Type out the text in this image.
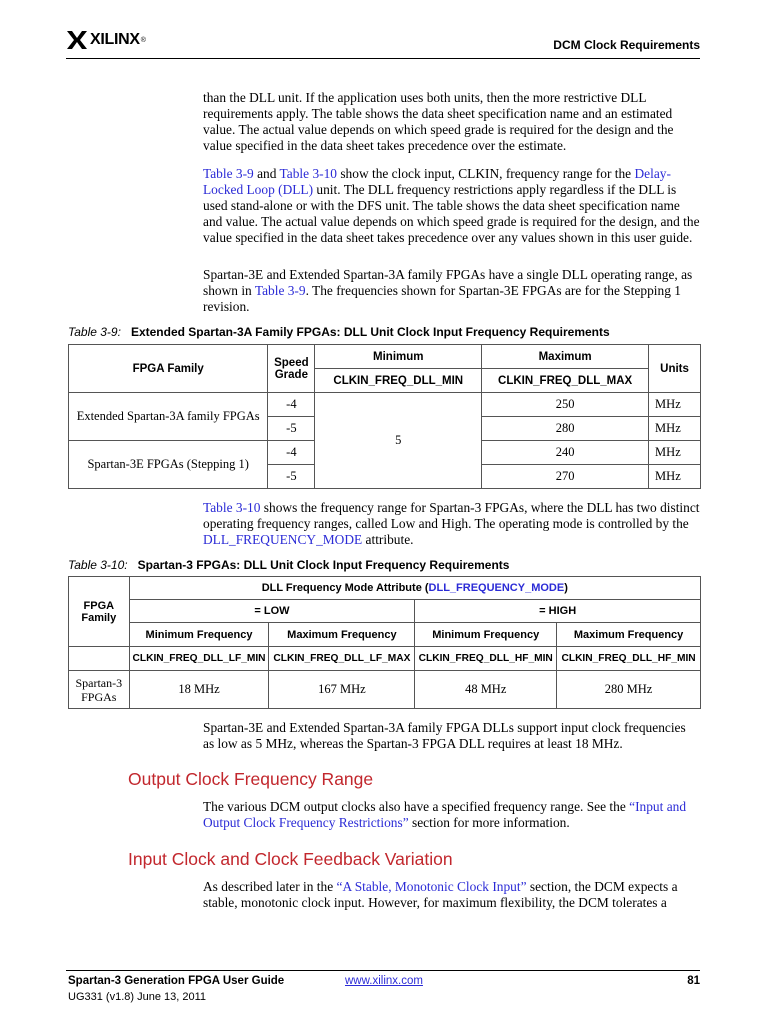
XILINX ®	DCM Clock Requirements

than the DLL unit. If the application uses both units, then the more restrictive DLL requirements apply. The table shows the data sheet specification name and an estimated value. The actual value depends on which speed grade is required for the design and the value specified in the data sheet takes precedence over the estimate.

Table 3-9 and Table 3-10 show the clock input, CLKIN, frequency range for the Delay-Locked Loop (DLL) unit. The DLL frequency restrictions apply regardless if the DLL is used stand-alone or with the DFS unit. The table shows the data sheet specification name and value. The actual value depends on which speed grade is required for the design, and the value specified in the data sheet takes precedence over any values shown in this user guide.

Spartan-3E and Extended Spartan-3A family FPGAs have a single DLL operating range, as shown in Table 3-9. The frequencies shown for Spartan-3E FPGAs are for the Stepping 1 revision.

Table 3-9: Extended Spartan-3A Family FPGAs: DLL Unit Clock Input Frequency Requirements
FPGA Family	Speed Grade	Minimum	Maximum	Units
		CLKIN_FREQ_DLL_MIN	CLKIN_FREQ_DLL_MAX	
Extended Spartan-3A family FPGAs	-4	5	250	MHz
	-5		280	MHz
Spartan-3E FPGAs (Stepping 1)	-4		240	MHz
	-5		270	MHz

Table 3-10 shows the frequency range for Spartan-3 FPGAs, where the DLL has two distinct operating frequency ranges, called Low and High. The operating mode is controlled by the DLL_FREQUENCY_MODE attribute.

Table 3-10: Spartan-3 FPGAs: DLL Unit Clock Input Frequency Requirements
FPGA Family	DLL Frequency Mode Attribute (DLL_FREQUENCY_MODE)			
	= LOW		= HIGH	
	Minimum Frequency	Maximum Frequency	Minimum Frequency	Maximum Frequency
	CLKIN_FREQ_DLL_LF_MIN	CLKIN_FREQ_DLL_LF_MAX	CLKIN_FREQ_DLL_HF_MIN	CLKIN_FREQ_DLL_HF_MIN
Spartan-3 FPGAs	18 MHz	167 MHz	48 MHz	280 MHz

Spartan-3E and Extended Spartan-3A family FPGA DLLs support input clock frequencies as low as 5 MHz, whereas the Spartan-3 FPGA DLL requires at least 18 MHz.

Output Clock Frequency Range

The various DCM output clocks also have a specified frequency range. See the “Input and Output Clock Frequency Restrictions” section for more information.

Input Clock and Clock Feedback Variation

As described later in the “A Stable, Monotonic Clock Input” section, the DCM expects a stable, monotonic clock input. However, for maximum flexibility, the DCM tolerates a

Spartan-3 Generation FPGA User Guide
UG331 (v1.8) June 13, 2011
www.xilinx.com	81
